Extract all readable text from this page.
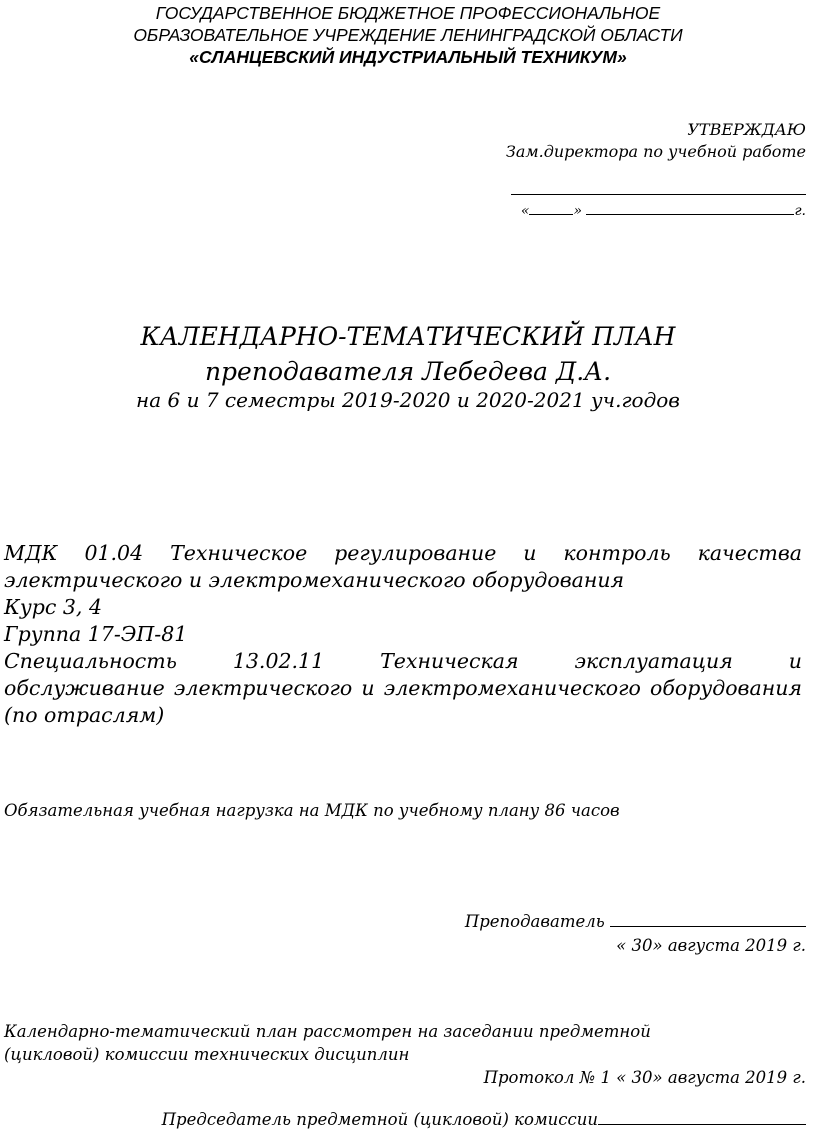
ГОСУДАРСТВЕННОЕ БЮДЖЕТНОЕ ПРОФЕССИОНАЛЬНОЕ
ОБРАЗОВАТЕЛЬНОЕ УЧРЕЖДЕНИЕ ЛЕНИНГРАДСКОЙ ОБЛАСТИ
«СЛАНЦЕВСКИЙ ИНДУСТРИАЛЬНЫЙ ТЕХНИКУМ»
УТВЕРЖДАЮ
Зам.директора по учебной работе
«	»	г.
КАЛЕНДАРНО-ТЕМАТИЧЕСКИЙ ПЛАН
преподавателя Лебедева Д.А.
на 6 и 7 семестры 2019-2020 и 2020-2021 уч.годов
МДК 01.04 Техническое регулирование и контроль качества
электрического и электромеханического оборудования
Курс 3, 4
Группа 17-ЭП-81
Специальность 13.02.11 Техническая эксплуатация и
обслуживание электрического и электромеханического оборудования
(по отраслям)
Обязательная учебная нагрузка на МДК по учебному плану 86 часов
Преподаватель
« 30» августа 2019 г.
Календарно-тематический план рассмотрен на заседании предметной
(цикловой) комиссии технических дисциплин
Протокол № 1 « 30» августа 2019 г.
Председатель предметной (цикловой) комиссии
